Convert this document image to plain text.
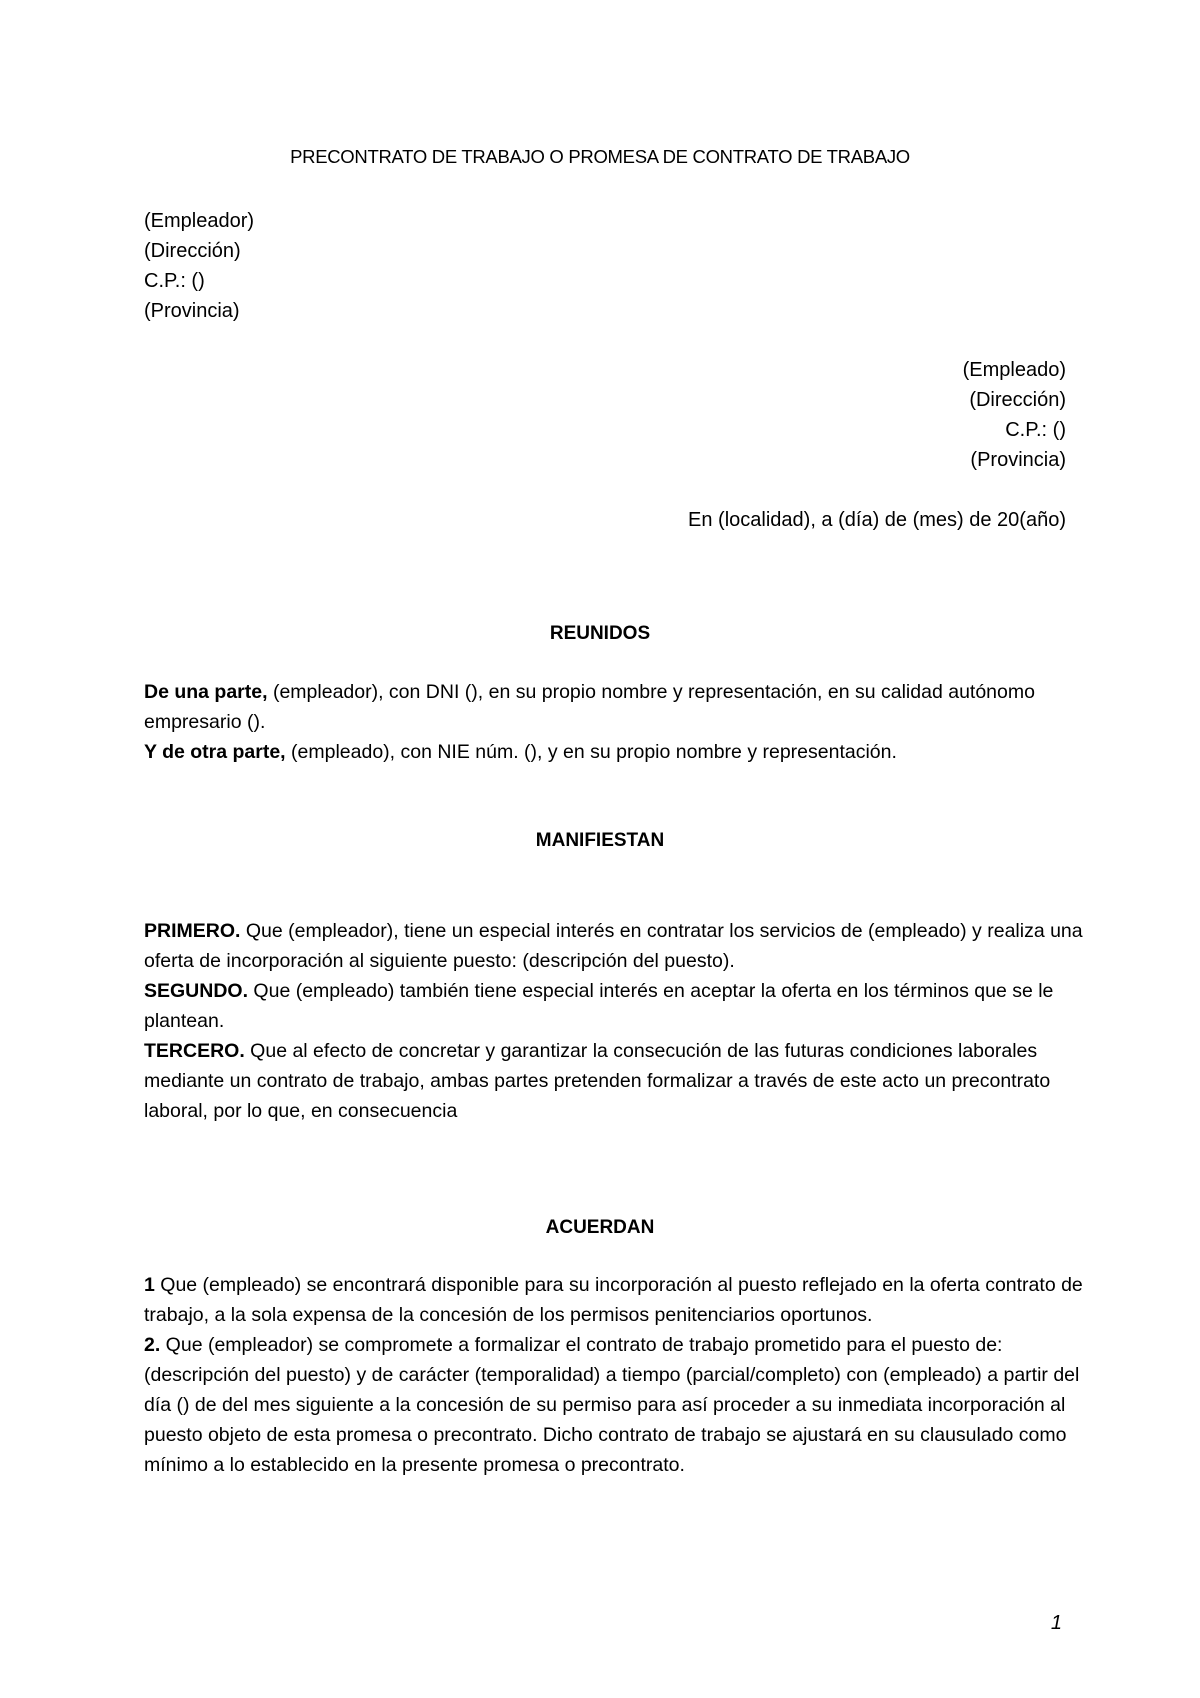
PRECONTRATO DE TRABAJO O PROMESA DE CONTRATO DE TRABAJO
(Empleador)
(Dirección)
C.P.: ()
(Provincia)
(Empleado)
(Dirección)
C.P.: ()
(Provincia)
En (localidad), a (día) de (mes) de 20(año)
REUNIDOS

De una parte, (empleador), con DNI (), en su propio nombre y representación, en su calidad autónomo empresario ().

Y de otra parte, (empleado), con NIE núm. (), y en su propio nombre y representación.

MANIFIESTAN

PRIMERO. Que (empleador), tiene un especial interés en contratar los servicios de (empleado) y realiza una oferta de incorporación al siguiente puesto: (descripción del puesto).

SEGUNDO. Que (empleado) también tiene especial interés en aceptar la oferta en los términos que se le plantean.

TERCERO. Que al efecto de concretar y garantizar la consecución de las futuras condiciones laborales mediante un contrato de trabajo, ambas partes pretenden formalizar a través de este acto un precontrato laboral, por lo que, en consecuencia

ACUERDAN

1 Que (empleado) se encontrará disponible para su incorporación al puesto reflejado en la oferta contrato de trabajo, a la sola expensa de la concesión de los permisos penitenciarios oportunos.

2. Que (empleador) se compromete a formalizar el contrato de trabajo prometido para el puesto de: (descripción del puesto) y de carácter (temporalidad) a tiempo (parcial/completo) con (empleado) a partir del día () de del mes siguiente a la concesión de su permiso para así proceder a su inmediata incorporación al puesto objeto de esta promesa o precontrato. Dicho contrato de trabajo se ajustará en su clausulado como mínimo a lo establecido en la presente promesa o precontrato.

1
